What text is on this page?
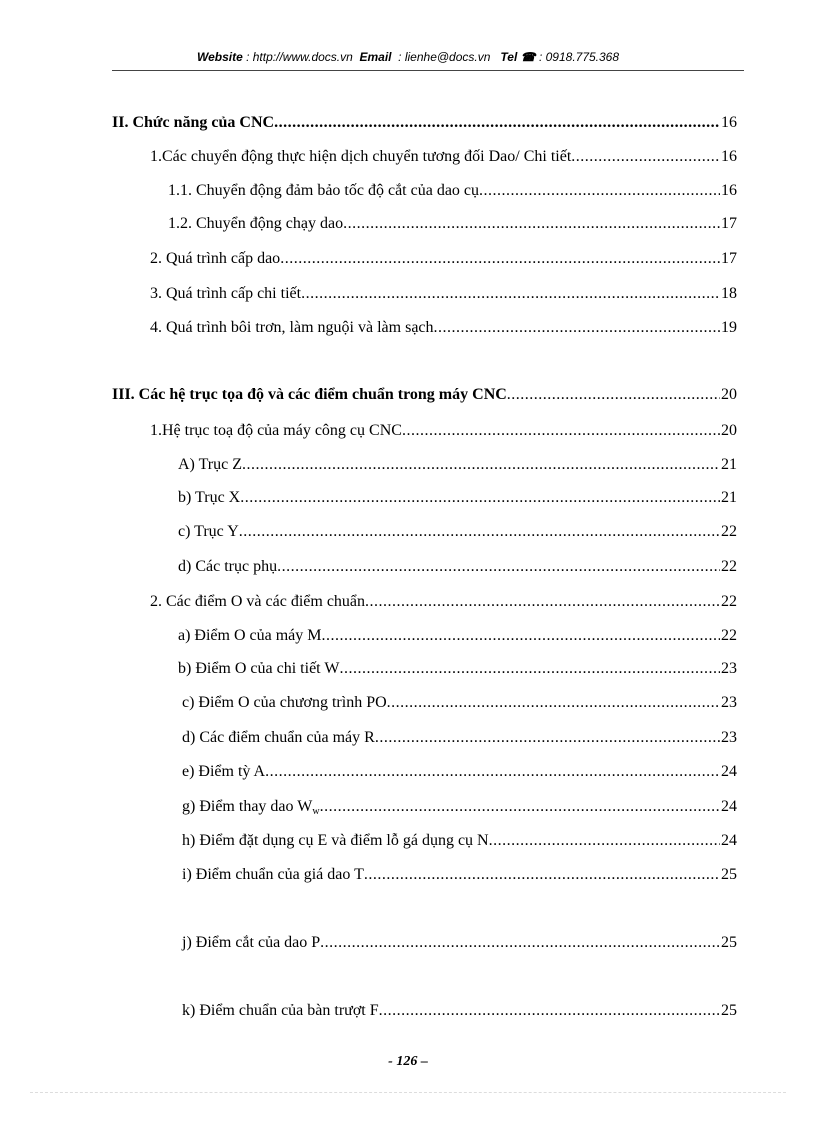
Website : http://www.docs.vn Email : lienhe@docs.vn Tel ☎ : 0918.775.368
II. Chức năng của CNC .....	16
1.Các chuyển động thực hiện dịch chuyển tương đối Dao/ Chi tiết .....	16
1.1. Chuyển động đảm bảo tốc độ cắt của dao cụ .....	16
1.2. Chuyển động chạy dao .....	17
2. Quá trình cấp dao .....	17
3. Quá trình cấp chi tiết .....	18
4. Quá trình bôi trơn, làm nguội và làm sạch .....	19
III. Các hệ trục tọa độ và các điểm chuẩn trong máy CNC .....	20
1.Hệ trục toạ độ của máy công cụ CNC .....	20
A) Trục Z .....	21
b) Trục X .....	21
c) Trục Y .....	22
d) Các trục phụ .....	22
2. Các điểm O và các điểm chuẩn .....	22
a) Điểm O của máy M .....	22
b) Điểm O của chi tiết W .....	23
c) Điểm O của chương trình PO .....	23
d) Các điểm chuẩn của máy R .....	23
e) Điểm tỳ A .....	24
g) Điểm thay dao $W_w$ .....	24
h) Điểm đặt dụng cụ E và điểm lỗ gá dụng cụ N .....	24
i) Điểm chuẩn của giá dao T .....	25
j) Điểm cắt của dao P .....	25
k) Điểm chuẩn của bàn trượt F .....	25
- 126 –
